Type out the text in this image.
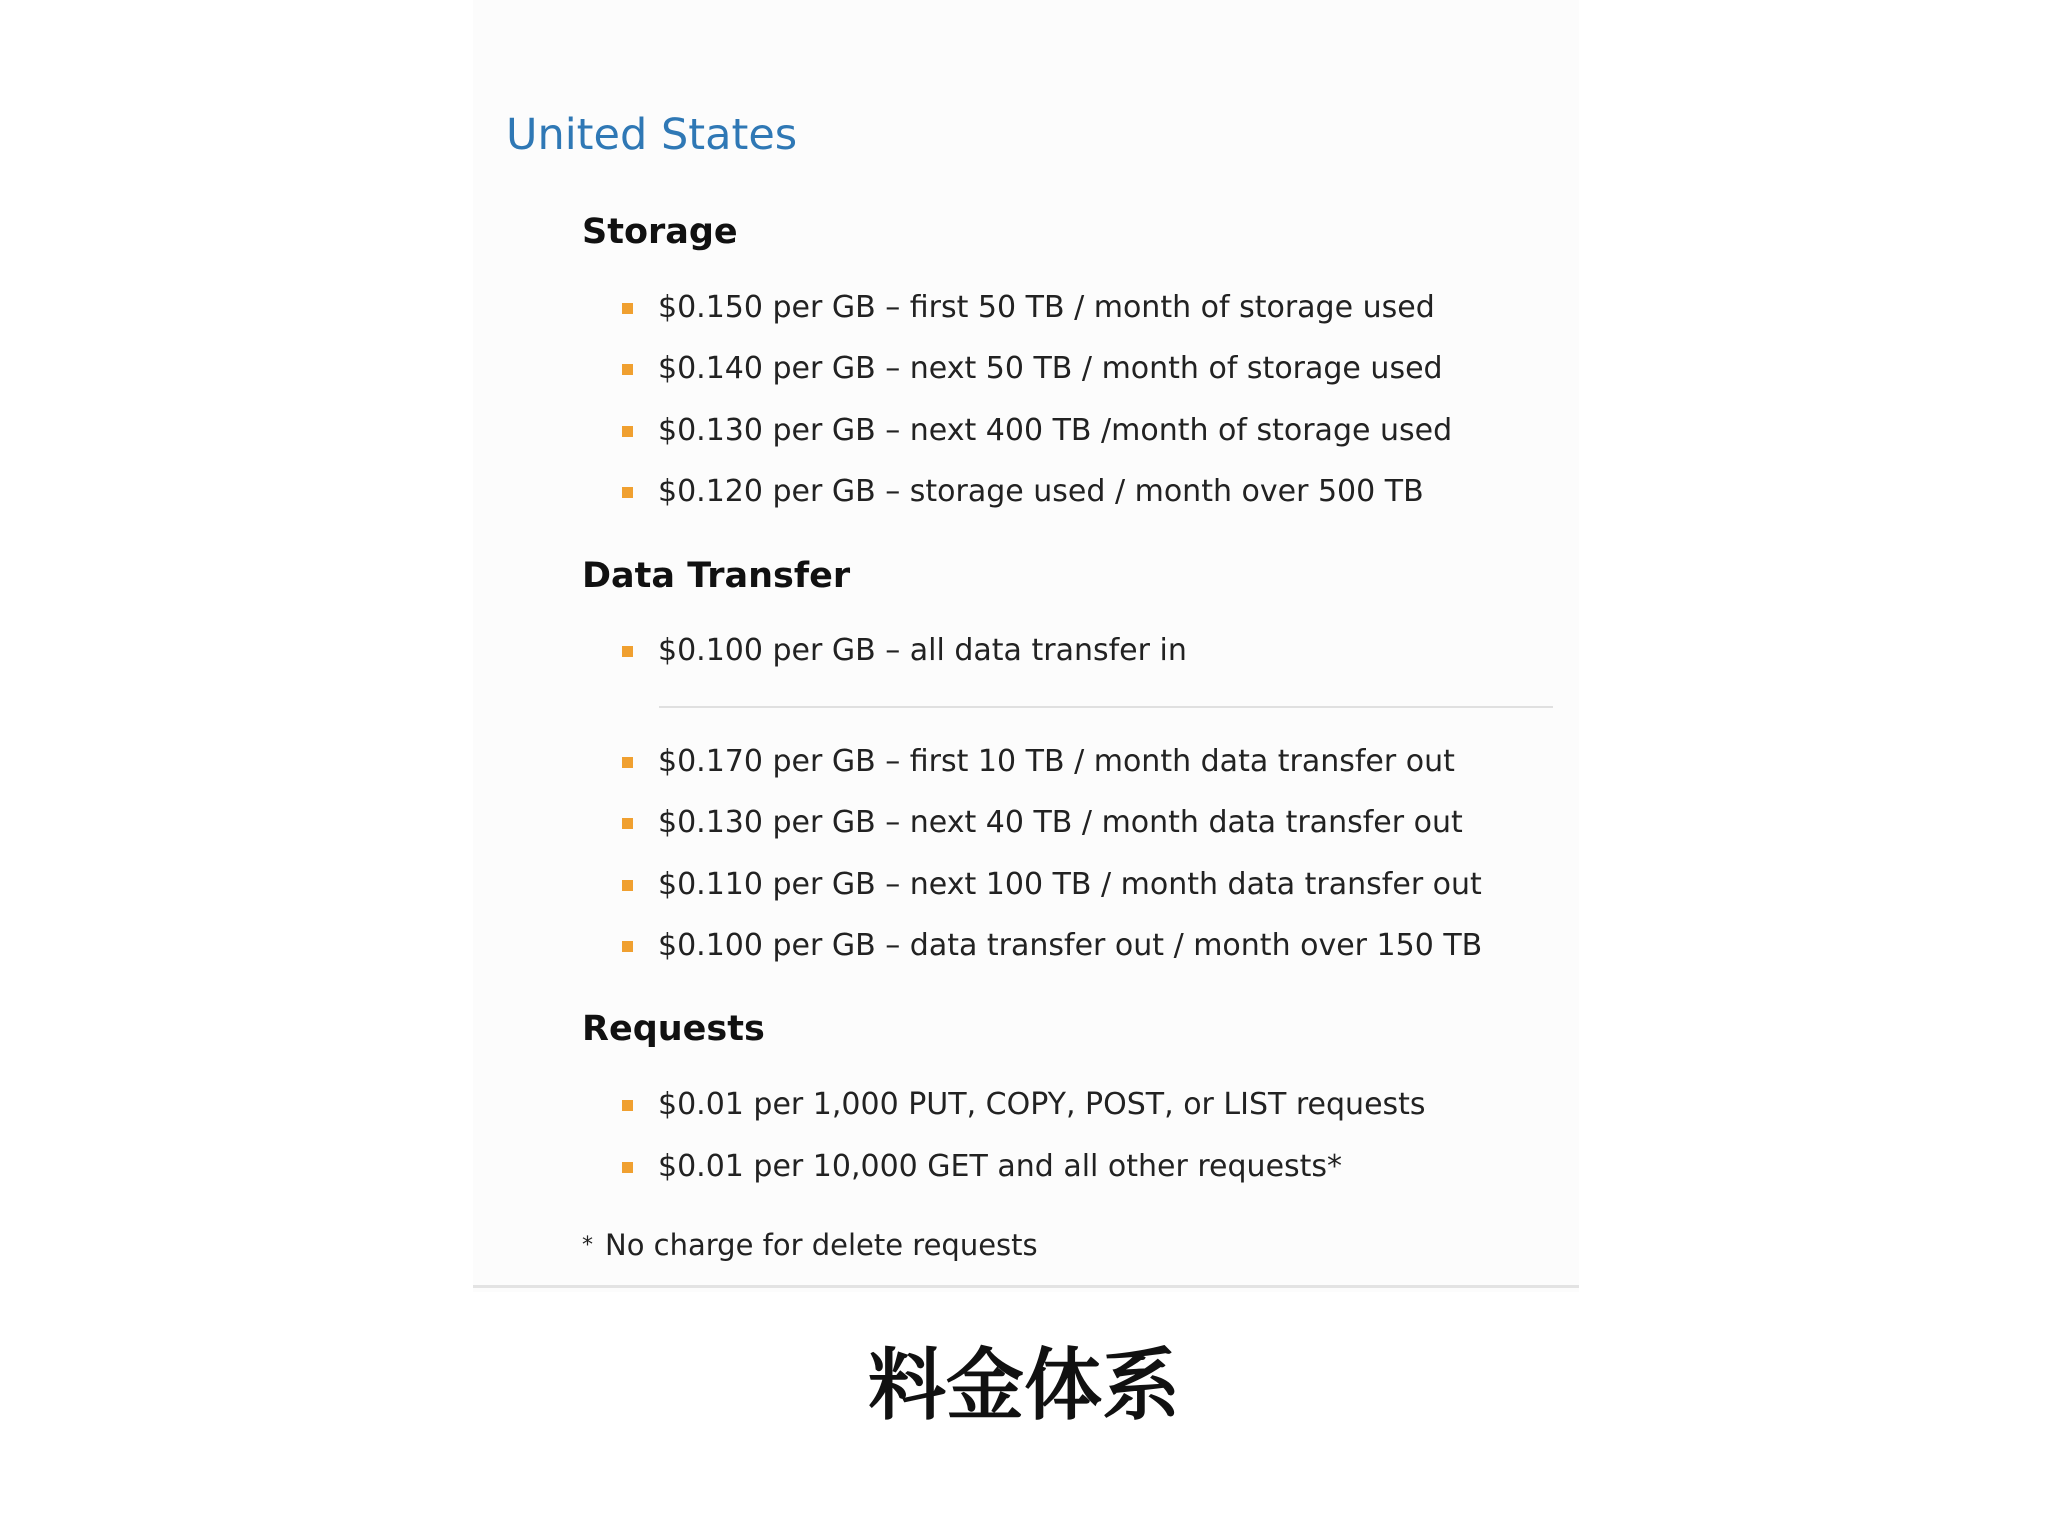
United States
Storage
$0.150 per GB – first 50 TB / month of storage used
$0.140 per GB – next 50 TB / month of storage used
$0.130 per GB – next 400 TB /month of storage used
$0.120 per GB – storage used / month over 500 TB
Data Transfer
$0.100 per GB – all data transfer in
$0.170 per GB – first 10 TB / month data transfer out
$0.130 per GB – next 40 TB / month data transfer out
$0.110 per GB – next 100 TB / month data transfer out
$0.100 per GB – data transfer out / month over 150 TB
Requests
$0.01 per 1,000 PUT, COPY, POST, or LIST requests
$0.01 per 10,000 GET and all other requests*
* No charge for delete requests
料金体系
